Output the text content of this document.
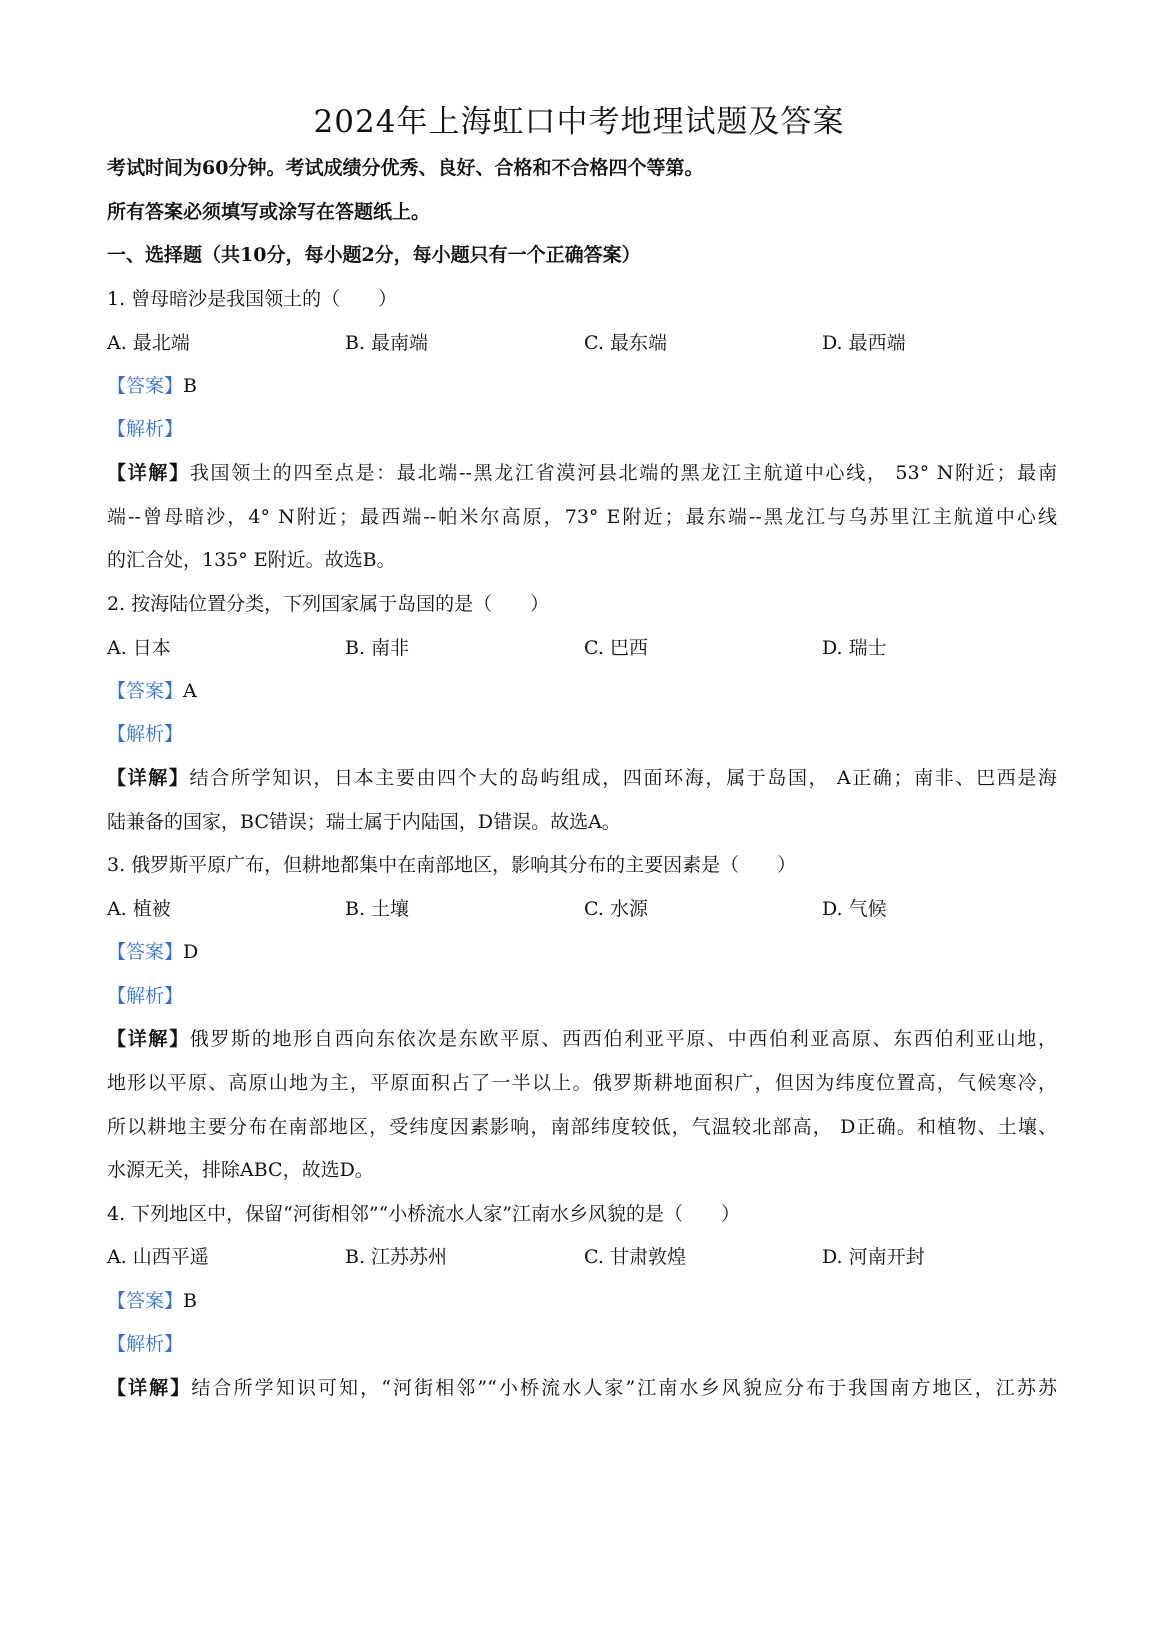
2024年上海虹口中考地理试题及答案
考试时间为60分钟。考试成绩分优秀、良好、合格和不合格四个等第。
所有答案必须填写或涂写在答题纸上。
一、选择题（共10分，每小题2分，每小题只有一个正确答案）
1. 曾母暗沙是我国领土的（　　）
A. 最北端	B. 最南端	C. 最东端	D. 最西端
【答案】B
【解析】
【详解】我国领土的四至点是：最北端--黑龙江省漠河县北端的黑龙江主航道中心线， 53° N附近；最南
端--曾母暗沙，4° N附近；最西端--帕米尔高原，73° E附近；最东端--黑龙江与乌苏里江主航道中心线
的汇合处，135° E附近。故选B。
2. 按海陆位置分类，下列国家属于岛国的是（　　）
A. 日本	B. 南非	C. 巴西	D. 瑞士
【答案】A
【解析】
【详解】结合所学知识，日本主要由四个大的岛屿组成，四面环海，属于岛国， A正确；南非、巴西是海
陆兼备的国家，BC错误；瑞士属于内陆国，D错误。故选A。
3. 俄罗斯平原广布，但耕地都集中在南部地区，影响其分布的主要因素是（　　）
A. 植被	B. 土壤	C. 水源	D. 气候
【答案】D
【解析】
【详解】俄罗斯的地形自西向东依次是东欧平原、西西伯利亚平原、中西伯利亚高原、东西伯利亚山地，
地形以平原、高原山地为主，平原面积占了一半以上。俄罗斯耕地面积广，但因为纬度位置高，气候寒冷，
所以耕地主要分布在南部地区，受纬度因素影响，南部纬度较低，气温较北部高， D正确。和植物、土壤、
水源无关，排除ABC，故选D。
4. 下列地区中，保留“河街相邻”“小桥流水人家”江南水乡风貌的是（　　）
A. 山西平遥	B. 江苏苏州	C. 甘肃敦煌	D. 河南开封
【答案】B
【解析】
【详解】结合所学知识可知，“河街相邻”“小桥流水人家”江南水乡风貌应分布于我国南方地区，江苏苏
